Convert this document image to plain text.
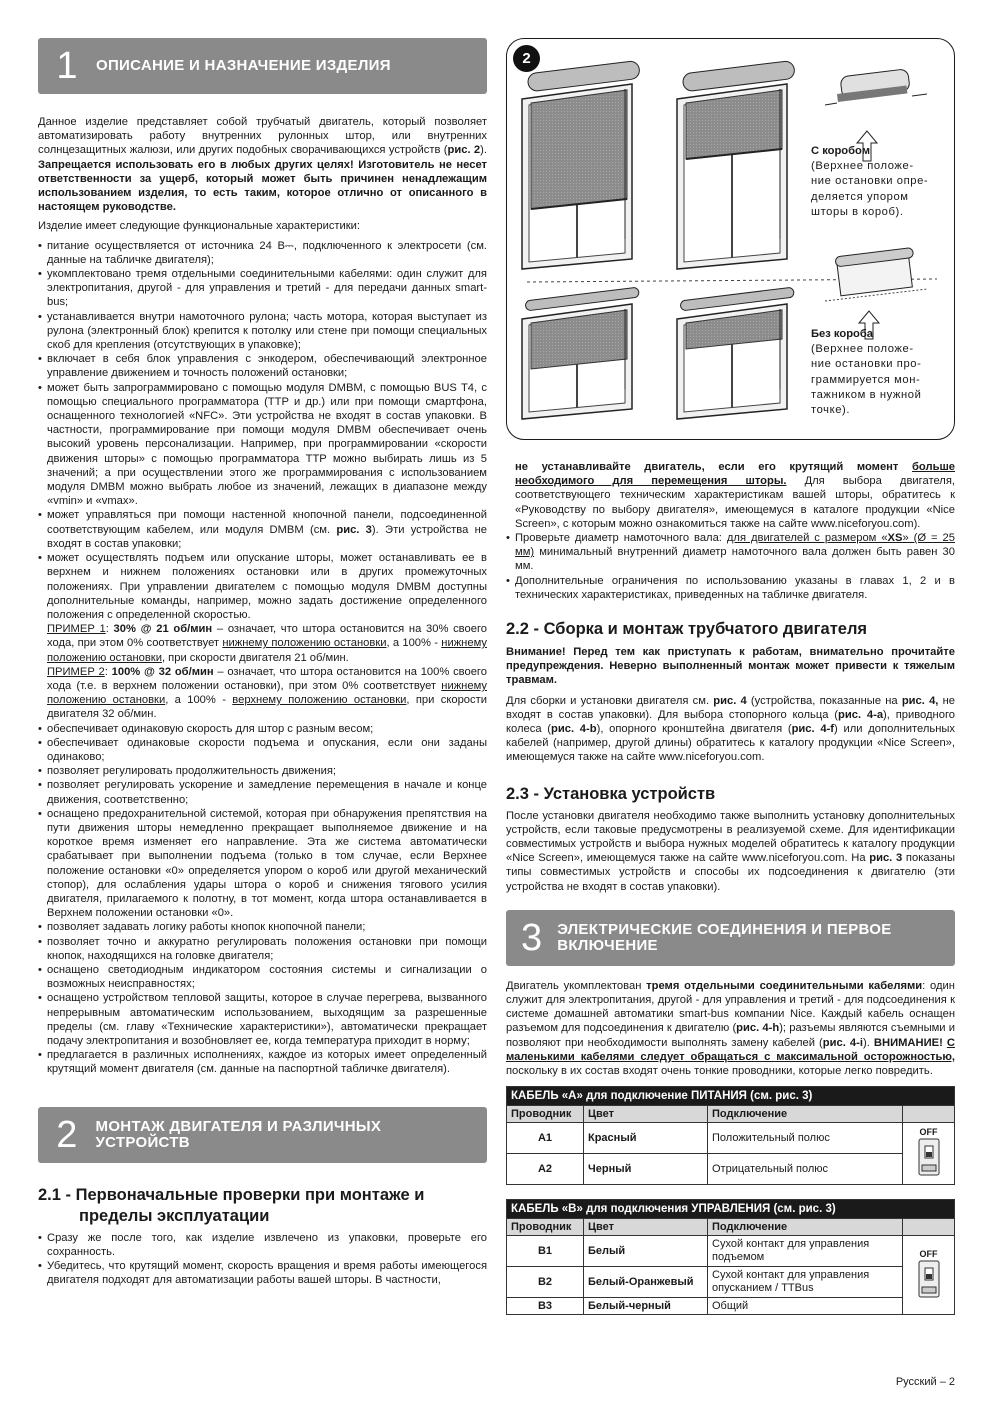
1	ОПИСАНИЕ И НАЗНАЧЕНИЕ ИЗДЕЛИЯ

Данное изделие представляет собой трубчатый двигатель, который позволяет автоматизировать работу внутренних рулонных штор, или внутренних солнцезащитных жалюзи, или других подобных сворачивающихся устройств (рис. 2). Запрещается использовать его в любых других целях! Изготовитель не несет ответственности за ущерб, который может быть причинен ненадлежащим использованием изделия, то есть таким, которое отлично от описанного в настоящем руководстве.

Изделие имеет следующие функциональные характеристики:

• питание осуществляется от источника 24 В⎓, подключенного к электросети (см. данные на табличке двигателя);
• укомплектовано тремя отдельными соединительными кабелями: один служит для электропитания, другой - для управления и третий - для передачи данных smart-bus;
• устанавливается внутри намоточного рулона; часть мотора, которая выступает из рулона (электронный блок) крепится к потолку или стене при помощи специальных скоб для крепления (отсутствующих в упаковке);
• включает в себя блок управления с энкодером, обеспечивающий электронное управление движением и точность положений остановки;
• может быть запрограммировано с помощью модуля DMBM, с помощью BUS T4, с помощью специального программатора (TTP и др.) или при помощи смартфона, оснащенного технологией «NFC». Эти устройства не входят в состав упаковки. В частности, программирование при помощи модуля DMBM обеспечивает очень высокий уровень персонализации. Например, при программировании «скорости движения шторы» с помощью программатора TTP можно выбирать лишь из 5 значений; а при осуществлении этого же программирования с использованием модуля DMBM можно выбрать любое из значений, лежащих в диапазоне между «vmin» и «vmax».
• может управляться при помощи настенной кнопочной панели, подсоединенной соответствующим кабелем, или модуля DMBM (см. рис. 3). Эти устройства не входят в состав упаковки;
• может осуществлять подъем или опускание шторы, может останавливать ее в верхнем и нижнем положениях остановки или в других промежуточных положениях. При управлении двигателем с помощью модуля DMBM доступны дополнительные команды, например, можно задать достижение определенного положения с определенной скоростью.
ПРИМЕР 1: 30% @ 21 об/мин – означает, что штора остановится на 30% своего хода, при этом 0% соответствует нижнему положению остановки, а 100% - нижнему положению остановки, при скорости двигателя 21 об/мин.
ПРИМЕР 2: 100% @ 32 об/мин – означает, что штора остановится на 100% своего хода (т.е. в верхнем положении остановки), при этом 0% соответствует нижнему положению остановки, а 100% - верхнему положению остановки, при скорости двигателя 32 об/мин.
• обеспечивает одинаковую скорость для штор с разным весом;
• обеспечивает одинаковые скорости подъема и опускания, если они заданы одинаково;
• позволяет регулировать продолжительность движения;
• позволяет регулировать ускорение и замедление перемещения в начале и конце движения, соответственно;
• оснащено предохранительной системой, которая при обнаружения препятствия на пути движения шторы немедленно прекращает выполняемое движение и на короткое время изменяет его направление. Эта же система автоматически срабатывает при выполнении подъема (только в том случае, если Верхнее положение остановки «0» определяется упором о короб или другой механический стопор), для ослабления удары штора о короб и снижения тягового усилия двигателя, прилагаемого к полотну, в тот момент, когда штора останавливается в Верхнем положении остановки «0».
• позволяет задавать логику работы кнопок кнопочной панели;
• позволяет точно и аккуратно регулировать положения остановки при помощи кнопок, находящихся на головке двигателя;
• оснащено светодиодным индикатором состояния системы и сигнализации о возможных неисправностях;
• оснащено устройством тепловой защиты, которое в случае перегрева, вызванного непрерывным автоматическим использованием, выходящим за разрешенные пределы (см. главу «Технические характеристики»), автоматически прекращает подачу электропитания и возобновляет ее, когда температура приходит в норму;
• предлагается в различных исполнениях, каждое из которых имеет определенный крутящий момент двигателя (см. данные на паспортной табличке двигателя).
2	МОНТАЖ ДВИГАТЕЛЯ И РАЗЛИЧНЫХ УСТРОЙСТВ
2.1 - Первоначальные проверки при монтаже и пределы эксплуатации
• Сразу же после того, как изделие извлечено из упаковки, проверьте его сохранность.
• Убедитесь, что крутящий момент, скорость вращения и время работы имеющегося двигателя подходят для автоматизации работы вашей шторы. В частности,
2
С коробом
(Верхнее положе-
ние остановки опре-
деляется упором
шторы в короб).
Без короба
(Верхнее положе-
ние остановки про-
граммируется мон-
тажником в нужной
точке).

не устанавливайте двигатель, если его крутящий момент больше необходимого для перемещения шторы. Для выбора двигателя, соответствующего техническим характеристикам вашей шторы, обратитесь к «Руководству по выбору двигателя», имеющемуся в каталоге продукции «Nice Screen», с которым можно ознакомиться также на сайте www.niceforyou.com).

• Проверьте диаметр намоточного вала: для двигателей с размером «XS» (Ø = 25 мм) минимальный внутренний диаметр намоточного вала должен быть равен 30 мм.
• Дополнительные ограничения по использованию указаны в главах 1, 2 и в технических характеристиках, приведенных на табличке двигателя.
2.2 - Сборка и монтаж трубчатого двигателя

Внимание! Перед тем как приступать к работам, внимательно прочитайте предупреждения. Неверно выполненный монтаж может привести к тяжелым травмам.

Для сборки и установки двигателя см. рис. 4 (устройства, показанные на рис. 4, не входят в состав упаковки). Для выбора стопорного кольца (рис. 4-a), приводного колеса (рис. 4-b), опорного кронштейна двигателя (рис. 4-f) или дополнительных кабелей (например, другой длины) обратитесь к каталогу продукции «Nice Screen», имеющемуся также на сайте www.niceforyou.com.

2.3 - Установка устройств

После установки двигателя необходимо также выполнить установку дополнительных устройств, если таковые предусмотрены в реализуемой схеме. Для идентификации совместимых устройств и выбора нужных моделей обратитесь к каталогу продукции «Nice Screen», имеющемуся также на сайте www.niceforyou.com. На рис. 3 показаны типы совместимых устройств и способы их подсоединения к двигателю (эти устройства не входят в состав упаковки).

3	ЭЛЕКТРИЧЕСКИЕ СОЕДИНЕНИЯ И ПЕРВОЕ ВКЛЮЧЕНИЕ

Двигатель укомплектован тремя отдельными соединительными кабелями: один служит для электропитания, другой - для управления и третий - для подсоединения к системе домашней автоматики smart-bus компании Nice. Каждый кабель оснащен разъемом для подсоединения к двигателю (рис. 4-h); разъемы являются съемными и позволяют при необходимости выполнять замену кабелей (рис. 4-i). ВНИМАНИЕ! С маленькими кабелями следует обращаться с максимальной осторожностью, поскольку в их состав входят очень тонкие проводники, которые легко повредить.

КАБЕЛЬ «А» для подключение ПИТАНИЯ (см. рис. 3)			
Проводник	Цвет	Подключение	
A1	Красный	Положительный полюс	OFF

A2	Черный	Отрицательный полюс	
КАБЕЛЬ «В» для подключения УПРАВЛЕНИЯ (см. рис. 3)			
Проводник	Цвет	Подключение	
B1	Белый	Сухой контакт для управления подъемом	OFF

B2	Белый-Оранжевый	Сухой контакт для управления опусканием / TTBus	
B3	Белый-черный	Общий	
Русский – 2
